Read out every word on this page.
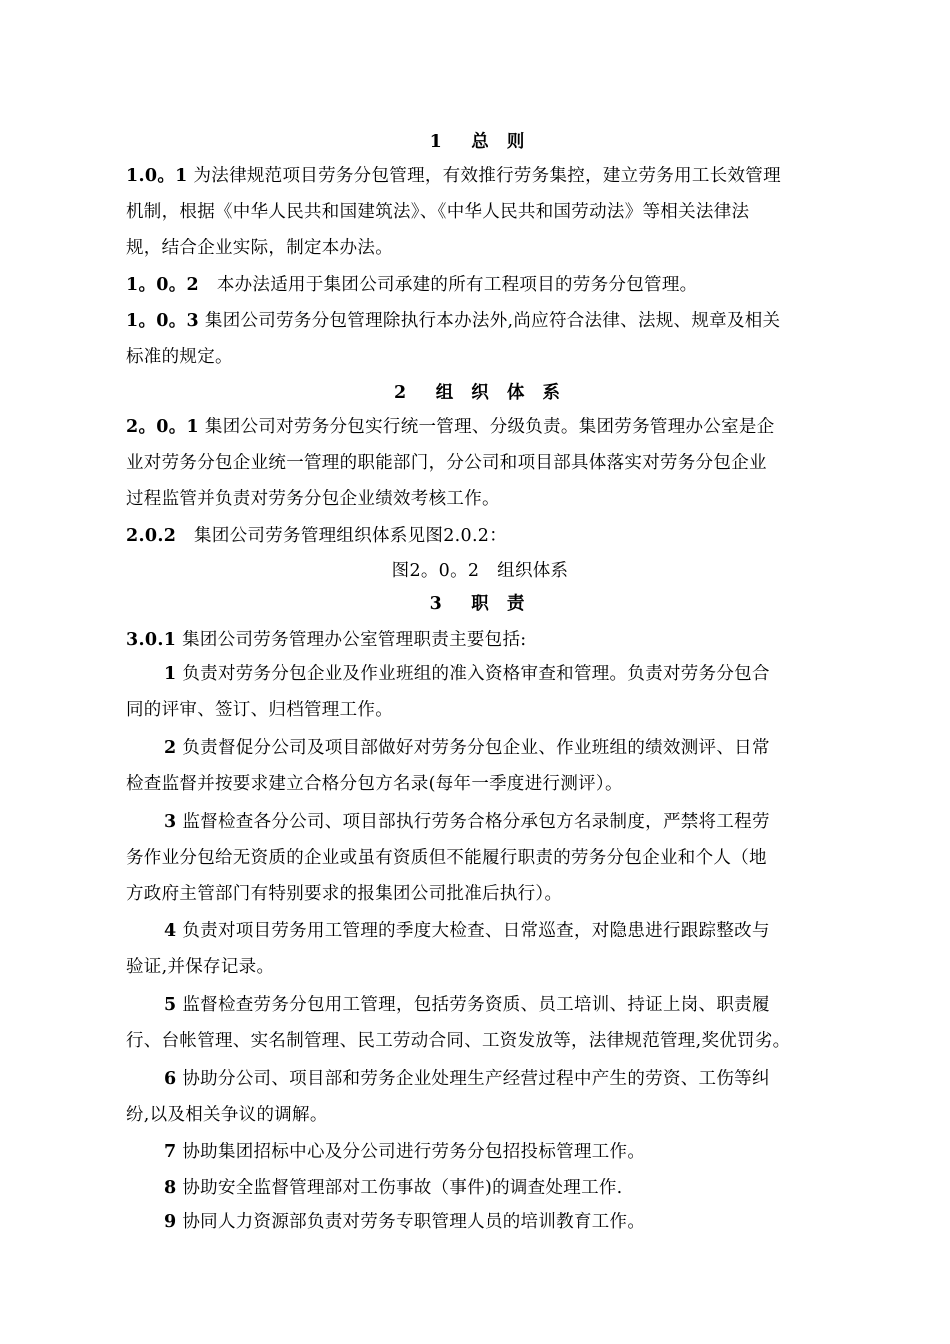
1　总 则
1.0。1 为法律规范项目劳务分包管理，有效推行劳务集控，建立劳务用工长效管理
机制，根据《中华人民共和国建筑法》、《中华人民共和国劳动法》等相关法律法
规，结合企业实际，制定本办法。
1。0。2　本办法适用于集团公司承建的所有工程项目的劳务分包管理。
1。0。3 集团公司劳务分包管理除执行本办法外,尚应符合法律、法规、规章及相关
标准的规定。
2　组 织 体 系
2。0。1 集团公司对劳务分包实行统一管理、分级负责。集团劳务管理办公室是企
业对劳务分包企业统一管理的职能部门，分公司和项目部具体落实对劳务分包企业
过程监管并负责对劳务分包企业绩效考核工作。
2.0.2　集团公司劳务管理组织体系见图2.0.2：
图2。0。2　组织体系
3　职 责
3.0.1 集团公司劳务管理办公室管理职责主要包括:
1 负责对劳务分包企业及作业班组的准入资格审查和管理。负责对劳务分包合
同的评审、签订、归档管理工作。
2 负责督促分公司及项目部做好对劳务分包企业、作业班组的绩效测评、日常
检查监督并按要求建立合格分包方名录(每年一季度进行测评）。
3 监督检查各分公司、项目部执行劳务合格分承包方名录制度，严禁将工程劳
务作业分包给无资质的企业或虽有资质但不能履行职责的劳务分包企业和个人（地
方政府主管部门有特别要求的报集团公司批准后执行）。
4 负责对项目劳务用工管理的季度大检查、日常巡查，对隐患进行跟踪整改与
验证,并保存记录。
5 监督检查劳务分包用工管理，包括劳务资质、员工培训、持证上岗、职责履
行、台帐管理、实名制管理、民工劳动合同、工资发放等，法律规范管理,奖优罚劣。
6 协助分公司、项目部和劳务企业处理生产经营过程中产生的劳资、工伤等纠
纷,以及相关争议的调解。
7 协助集团招标中心及分公司进行劳务分包招投标管理工作。
8 协助安全监督管理部对工伤事故（事件)的调查处理工作.
9 协同人力资源部负责对劳务专职管理人员的培训教育工作。
